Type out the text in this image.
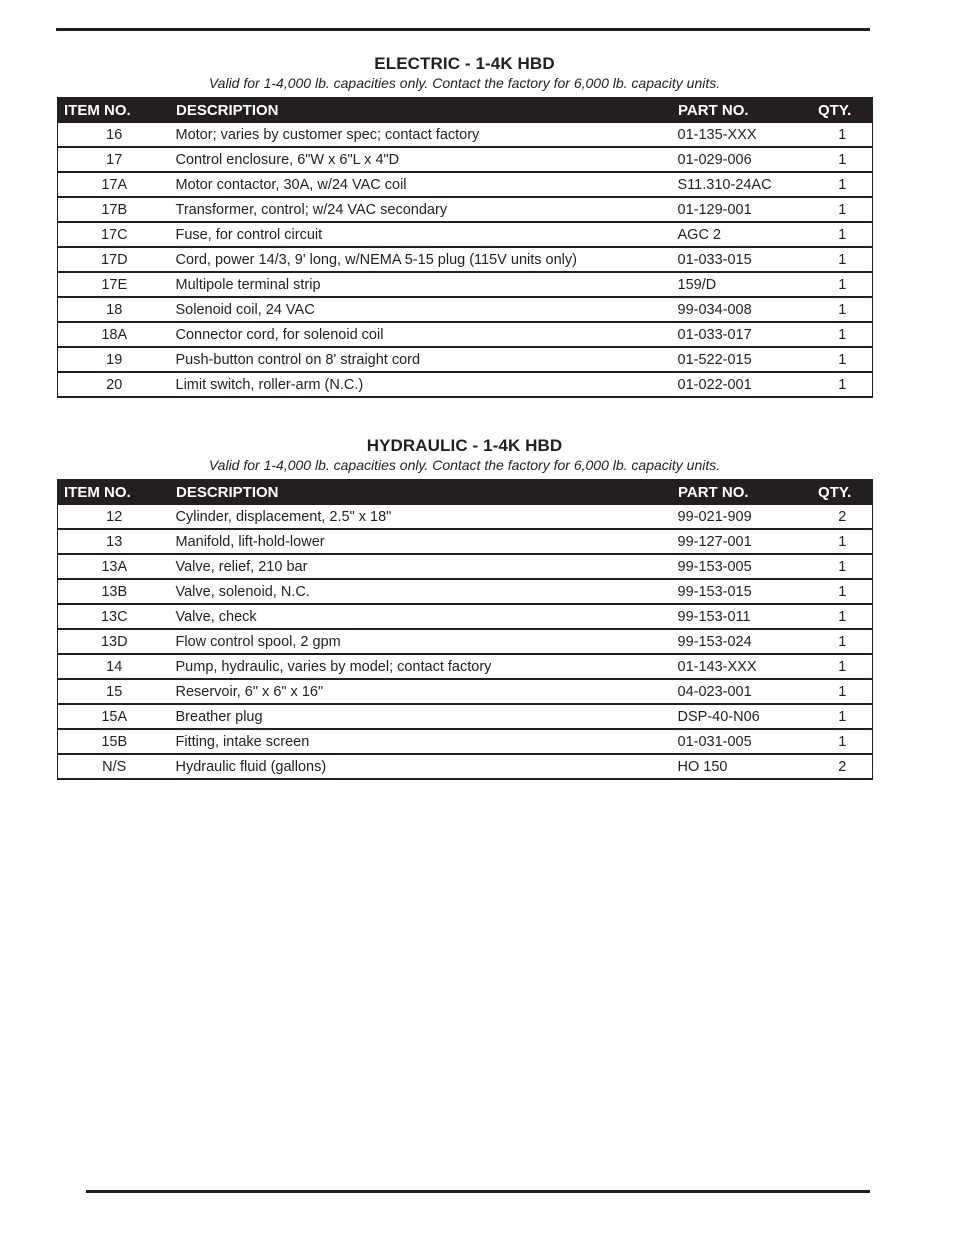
ELECTRIC - 1-4K HBD
Valid for 1-4,000 lb. capacities only. Contact the factory for 6,000 lb. capacity units.
ITEM NO.	DESCRIPTION	PART NO.	QTY.
16	Motor; varies by customer spec; contact factory	01-135-XXX	1
17	Control enclosure, 6"W x 6"L x 4"D	01-029-006	1
17A	Motor contactor, 30A, w/24 VAC coil	S11.310-24AC	1
17B	Transformer, control; w/24 VAC secondary	01-129-001	1
17C	Fuse, for control circuit	AGC 2	1
17D	Cord, power 14/3, 9' long, w/NEMA 5-15 plug (115V units only)	01-033-015	1
17E	Multipole terminal strip	159/D	1
18	Solenoid coil, 24 VAC	99-034-008	1
18A	Connector cord, for solenoid coil	01-033-017	1
19	Push-button control on 8' straight cord	01-522-015	1
20	Limit switch, roller-arm (N.C.)	01-022-001	1
HYDRAULIC - 1-4K HBD
Valid for 1-4,000 lb. capacities only. Contact the factory for 6,000 lb. capacity units.
ITEM NO.	DESCRIPTION	PART NO.	QTY.
12	Cylinder, displacement, 2.5" x 18"	99-021-909	2
13	Manifold, lift-hold-lower	99-127-001	1
13A	Valve, relief, 210 bar	99-153-005	1
13B	Valve, solenoid, N.C.	99-153-015	1
13C	Valve, check	99-153-011	1
13D	Flow control spool, 2 gpm	99-153-024	1
14	Pump, hydraulic, varies by model; contact factory	01-143-XXX	1
15	Reservoir, 6" x 6" x 16"	04-023-001	1
15A	Breather plug	DSP-40-N06	1
15B	Fitting, intake screen	01-031-005	1
N/S	Hydraulic fluid (gallons)	HO 150	2
